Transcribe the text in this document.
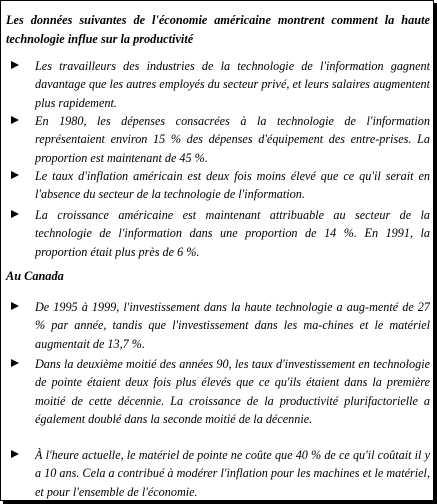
Les données suivantes de l'économie américaine montrent comment la haute technologie influe sur la productivité
Les travailleurs des industries de la technologie de l'information gagnent davantage que les autres employés du secteur privé, et leurs salaires augmentent plus rapidement.
En 1980, les dépenses consacrées à la technologie de l'information représentaient environ 15 % des dépenses d'équipement des entre-prises. La proportion est maintenant de 45 %.
Le taux d'inflation américain est deux fois moins élevé que ce qu'il serait en l'absence du secteur de la technologie de l'information.
La croissance américaine est maintenant attribuable au secteur de la technologie de l'information dans une proportion de 14 %. En 1991, la proportion était plus près de 6 %.
Au Canada
De 1995 à 1999, l'investissement dans la haute technologie a aug-menté de 27 % par année, tandis que l'investissement dans les ma-chines et le matériel augmentait de 13,7 %.
Dans la deuxième moitié des années 90, les taux d'investissement en technologie de pointe étaient deux fois plus élevés que ce qu'ils étaient dans la première moitié de cette décennie. La croissance de la productivité plurifactorielle a également doublé dans la seconde moitié de la décennie.
À l'heure actuelle, le matériel de pointe ne coûte que 40 % de ce qu'il coûtait il y a 10 ans. Cela a contribué à modérer l'inflation pour les machines et le matériel, et pour l'ensemble de l'économie.
